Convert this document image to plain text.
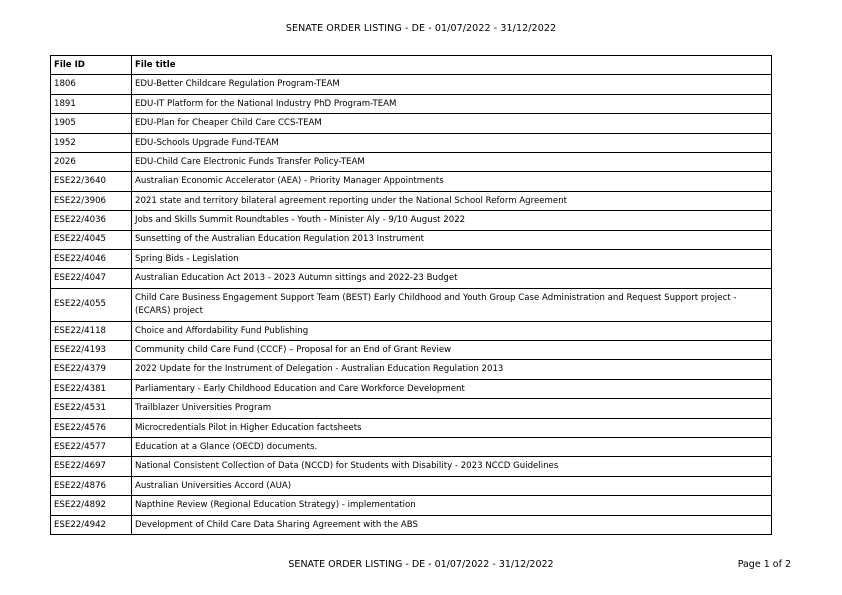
SENATE ORDER LISTING - DE - 01/07/2022 - 31/12/2022
File ID	File title
1806	EDU-Better Childcare Regulation Program-TEAM
1891	EDU-IT Platform for the National Industry PhD Program-TEAM
1905	EDU-Plan for Cheaper Child Care CCS-TEAM
1952	EDU-Schools Upgrade Fund-TEAM
2026	EDU-Child Care Electronic Funds Transfer Policy-TEAM
ESE22/3640	Australian Economic Accelerator (AEA) - Priority Manager Appointments
ESE22/3906	2021 state and territory bilateral agreement reporting under the National School Reform Agreement
ESE22/4036	Jobs and Skills Summit Roundtables - Youth - Minister Aly - 9/10 August 2022
ESE22/4045	Sunsetting of the Australian Education Regulation 2013 Instrument
ESE22/4046	Spring Bids - Legislation
ESE22/4047	Australian Education Act 2013 - 2023 Autumn sittings and 2022-23 Budget
ESE22/4055	Child Care Business Engagement Support Team (BEST) Early Childhood and Youth Group Case Administration and Request Support project - (ECARS) project
ESE22/4118	Choice and Affordability Fund Publishing
ESE22/4193	Community child Care Fund (CCCF) – Proposal for an End of Grant Review
ESE22/4379	2022 Update for the Instrument of Delegation - Australian Education Regulation 2013
ESE22/4381	Parliamentary - Early Childhood Education and Care Workforce Development
ESE22/4531	Trailblazer Universities Program
ESE22/4576	Microcredentials Pilot in Higher Education factsheets
ESE22/4577	Education at a Glance (OECD) documents.
ESE22/4697	National Consistent Collection of Data (NCCD) for Students with Disability - 2023 NCCD Guidelines
ESE22/4876	Australian Universities Accord (AUA)
ESE22/4892	Napthine Review (Regional Education Strategy) - implementation
ESE22/4942	Development of Child Care Data Sharing Agreement with the ABS
SENATE ORDER LISTING - DE - 01/07/2022 - 31/12/2022	Page 1 of 2
